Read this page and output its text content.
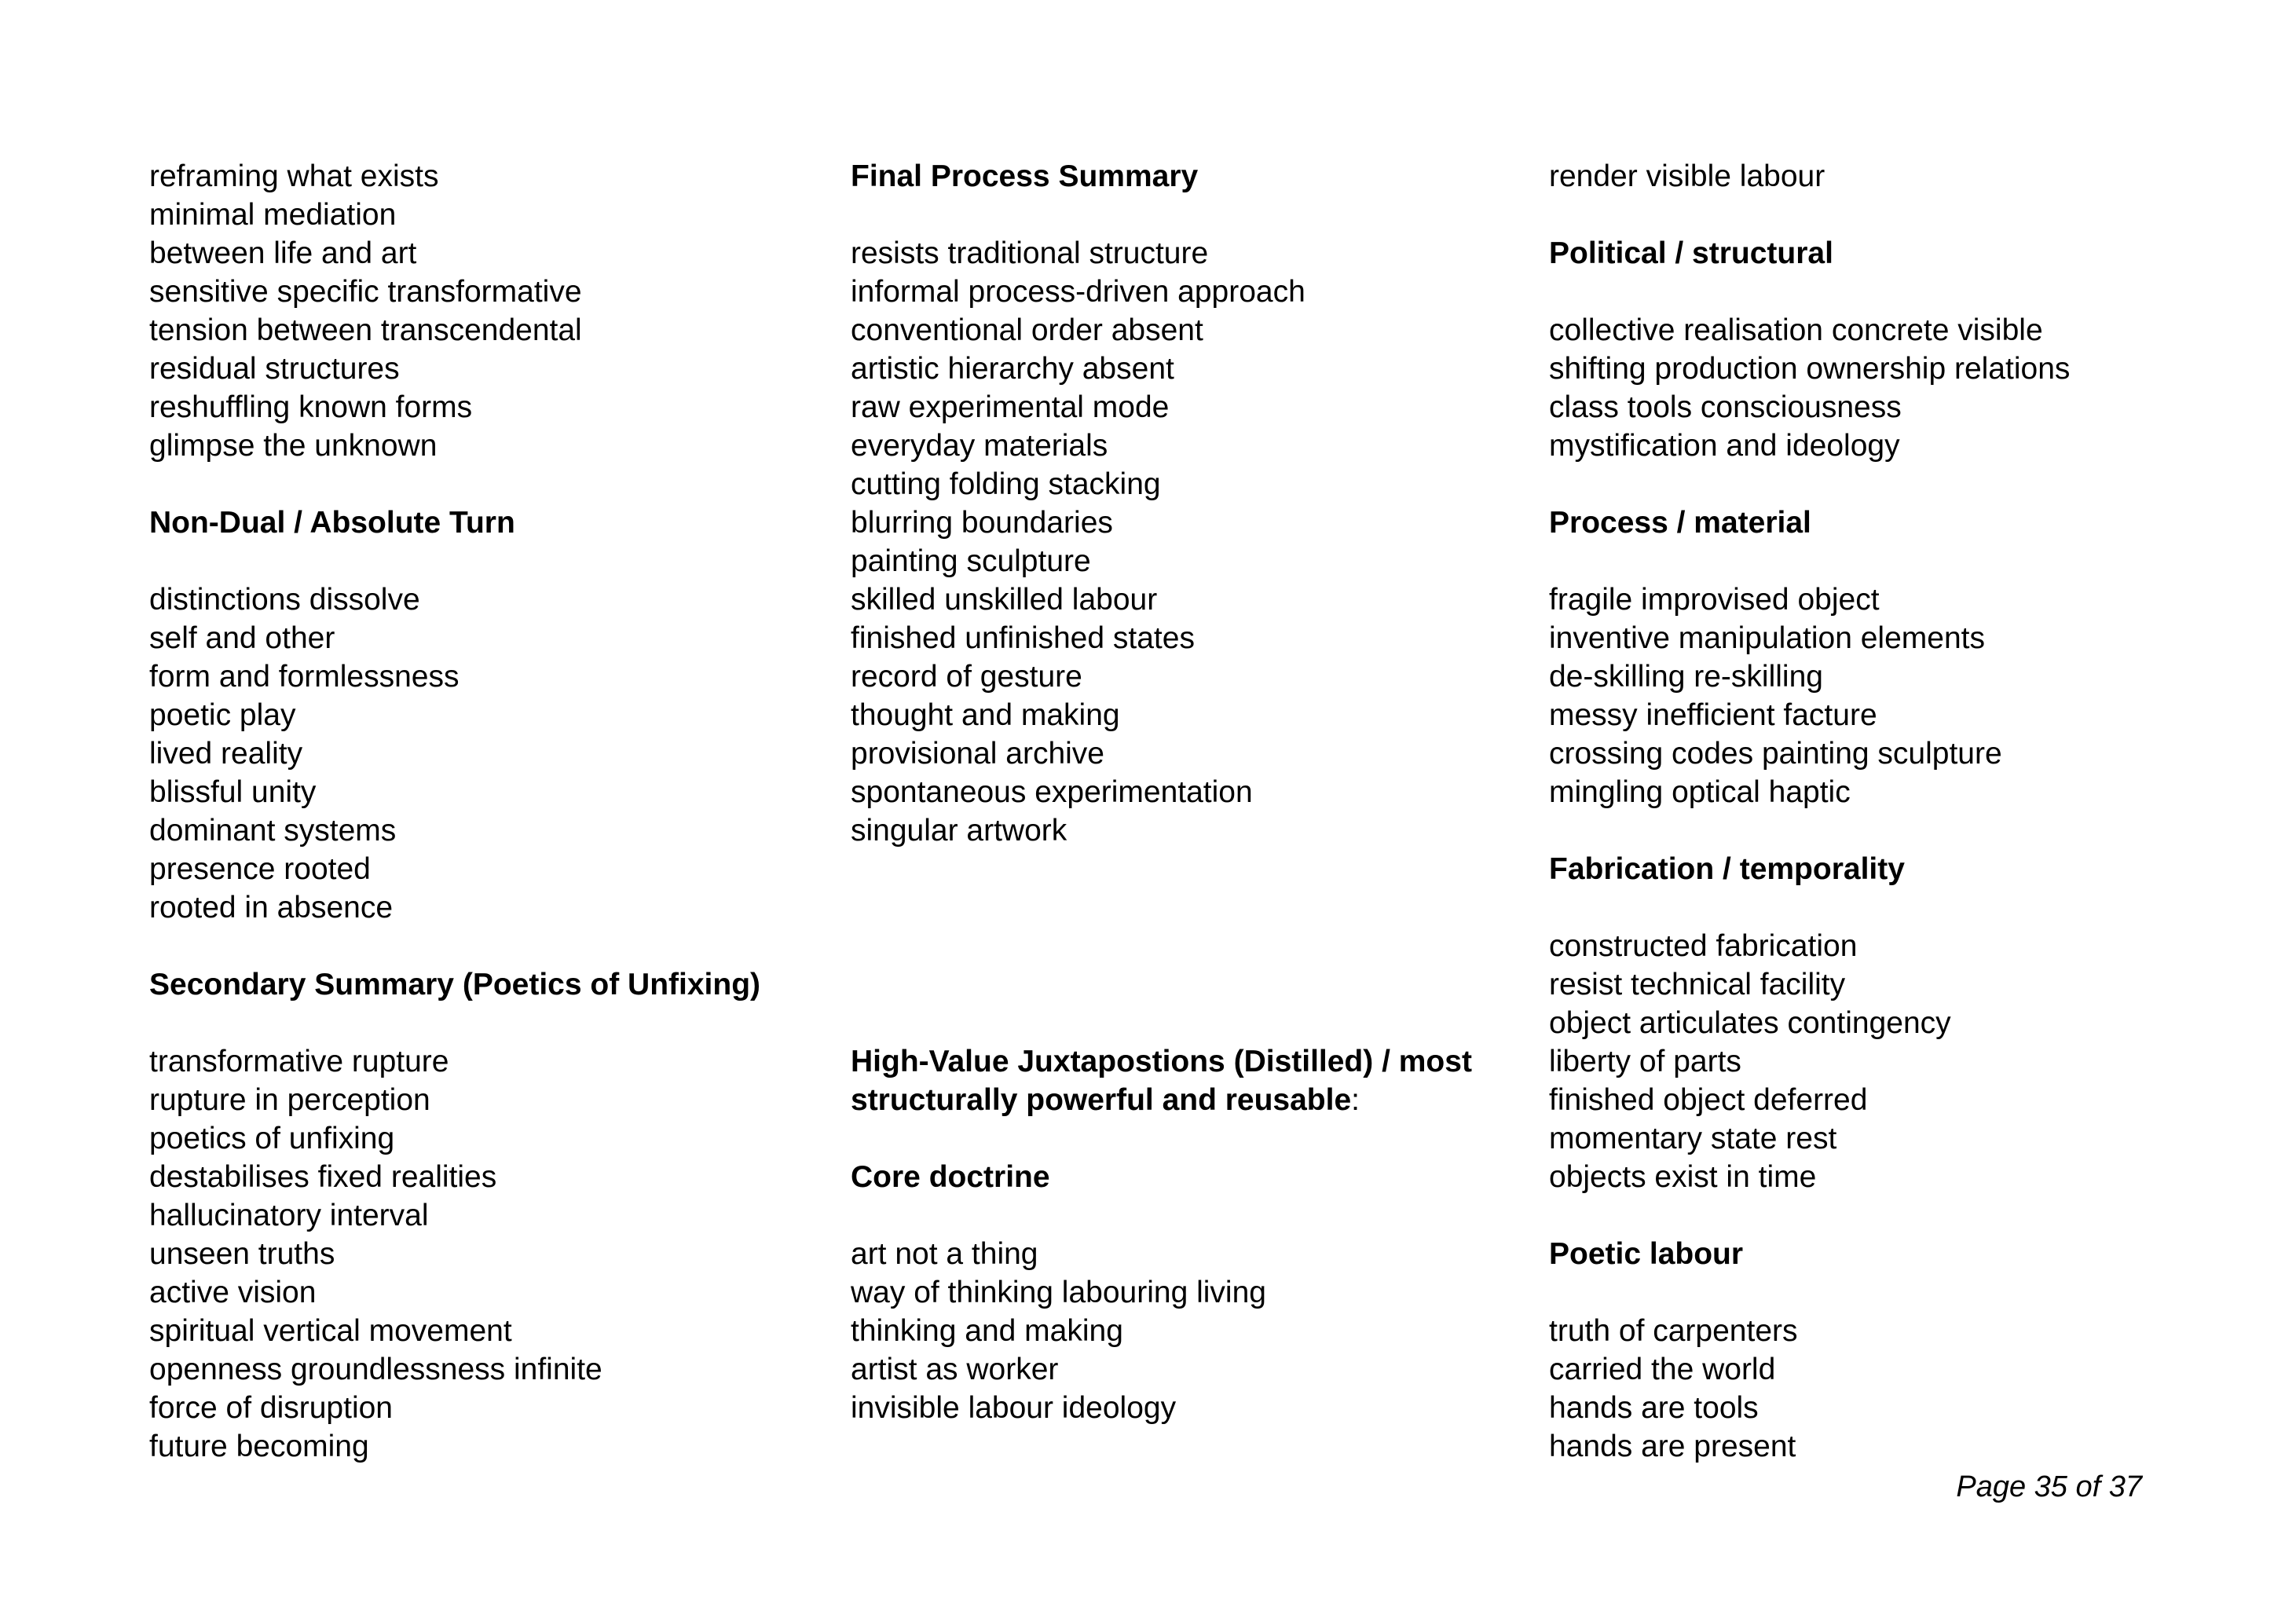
reframing what exists
minimal mediation
between life and art
sensitive specific transformative
tension between transcendental
residual structures
reshuffling known forms
glimpse the unknown
Non-Dual / Absolute Turn
distinctions dissolve
self and other
form and formlessness
poetic play
lived reality
blissful unity
dominant systems
presence rooted
rooted in absence
Secondary Summary (Poetics of Unfixing)
transformative rupture
rupture in perception
poetics of unfixing
destabilises fixed realities
hallucinatory interval
unseen truths
active vision
spiritual vertical movement
openness groundlessness infinite
force of disruption
future becoming
Final Process Summary
resists traditional structure
informal process-driven approach
conventional order absent
artistic hierarchy absent
raw experimental mode
everyday materials
cutting folding stacking
blurring boundaries
painting sculpture
skilled unskilled labour
finished unfinished states
record of gesture
thought and making
provisional archive
spontaneous experimentation
singular artwork
High-Value Juxtapostions (Distilled) / most
structurally powerful and reusable:
Core doctrine
art not a thing
way of thinking labouring living
thinking and making
artist as worker
invisible labour ideology
render visible labour
Political / structural
collective realisation concrete visible
shifting production ownership relations
class tools consciousness
mystification and ideology
Process / material
fragile improvised object
inventive manipulation elements
de-skilling re-skilling
messy inefficient facture
crossing codes painting sculpture
mingling optical haptic
Fabrication / temporality
constructed fabrication
resist technical facility
object articulates contingency
liberty of parts
finished object deferred
momentary state rest
objects exist in time
Poetic labour
truth of carpenters
carried the world
hands are tools
hands are present
Page 35 of 37
